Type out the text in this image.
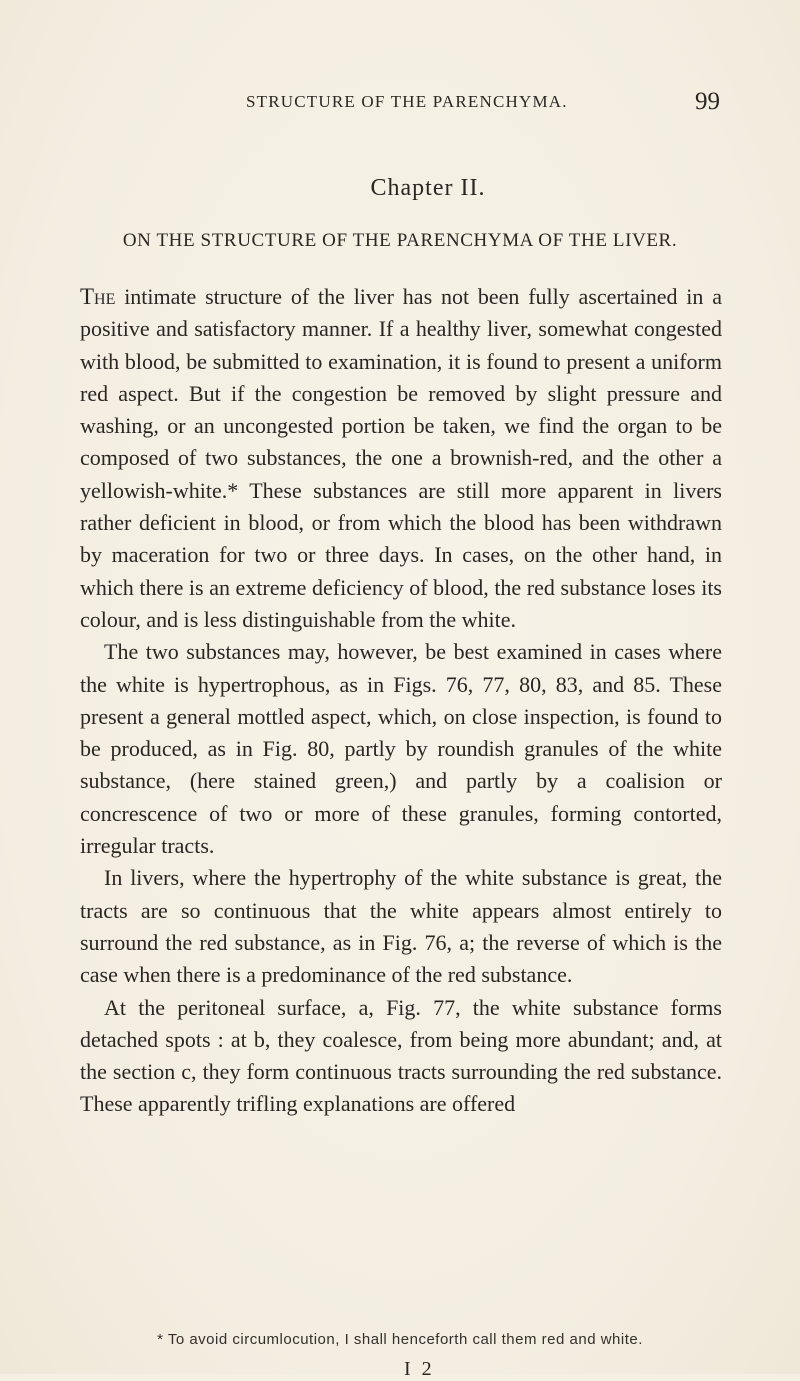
STRUCTURE OF THE PARENCHYMA.	99
Chapter II.
ON THE STRUCTURE OF THE PARENCHYMA OF THE LIVER.

The intimate structure of the liver has not been fully ascertained in a positive and satisfactory manner. If a healthy liver, somewhat congested with blood, be submitted to examination, it is found to present a uniform red aspect. But if the congestion be removed by slight pressure and washing, or an uncongested portion be taken, we find the organ to be composed of two substances, the one a brownish-red, and the other a yellowish-white.* These substances are still more apparent in livers rather deficient in blood, or from which the blood has been withdrawn by maceration for two or three days. In cases, on the other hand, in which there is an extreme deficiency of blood, the red substance loses its colour, and is less distinguishable from the white.

The two substances may, however, be best examined in cases where the white is hypertrophous, as in Figs. 76, 77, 80, 83, and 85. These present a general mottled aspect, which, on close inspection, is found to be produced, as in Fig. 80, partly by roundish granules of the white substance, (here stained green,) and partly by a coalision or concrescence of two or more of these granules, forming contorted, irregular tracts.

In livers, where the hypertrophy of the white substance is great, the tracts are so continuous that the white appears almost entirely to surround the red substance, as in Fig. 76, a; the reverse of which is the case when there is a predominance of the red substance.

At the peritoneal surface, a, Fig. 77, the white substance forms detached spots : at b, they coalesce, from being more abundant; and, at the section c, they form continuous tracts surrounding the red substance. These apparently trifling explanations are offered

* To avoid circumlocution, I shall henceforth call them red and white.
I 2
